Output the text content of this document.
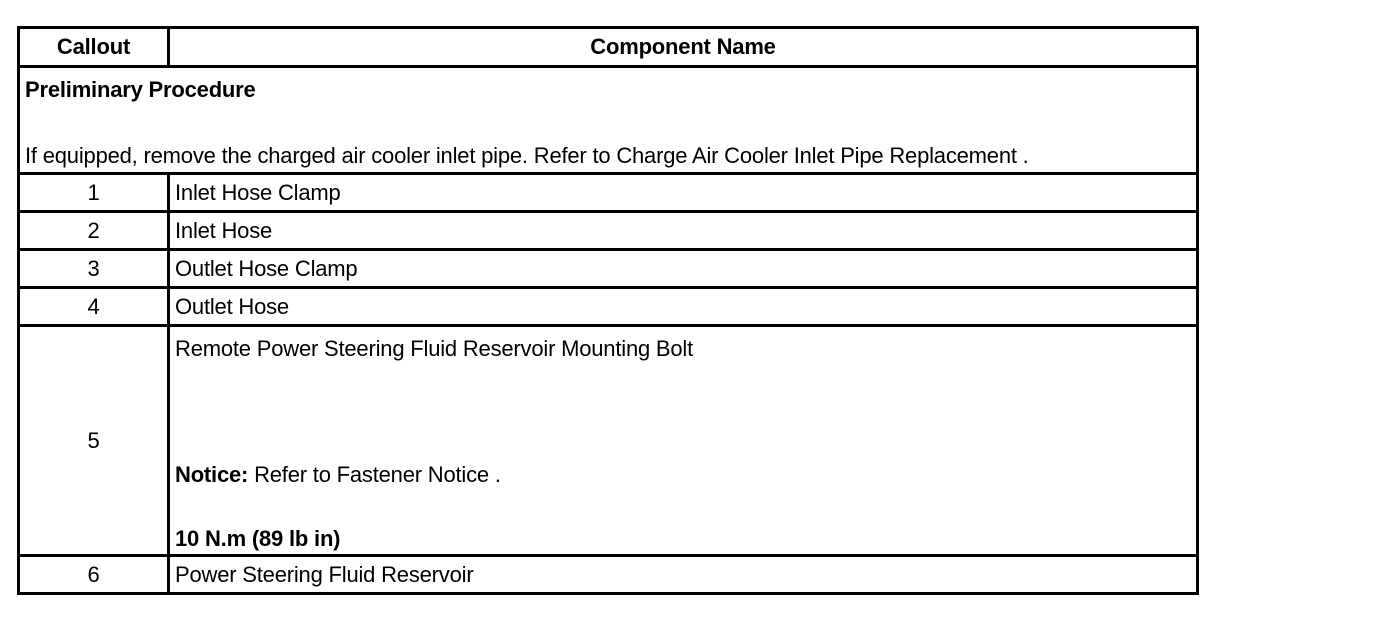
Callout	Component Name

Preliminary Procedure
If equipped, remove the charged air cooler inlet pipe. Refer to Charge Air Cooler Inlet Pipe Replacement .	

1	Inlet Hose Clamp
2	Inlet Hose
3	Outlet Hose Clamp
4	Outlet Hose
5	Remote Power Steering Fluid Reservoir Mounting Bolt
Notice: Refer to Fastener Notice .
10 N.m (89 lb in)

6	Power Steering Fluid Reservoir
